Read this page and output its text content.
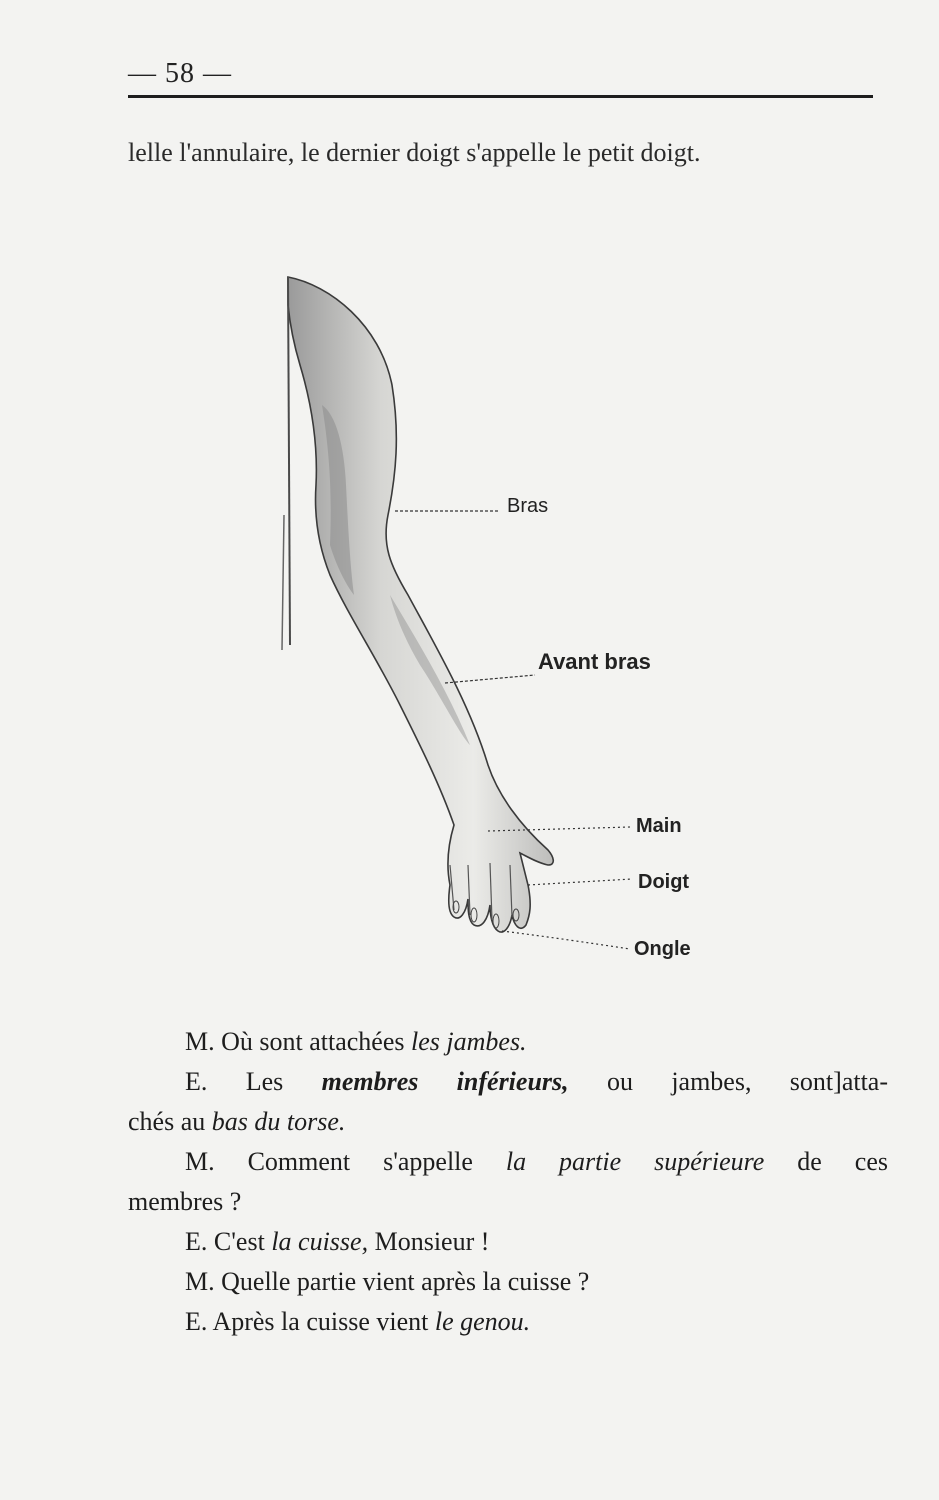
— 58 —
lelle l'annulaire, le dernier doigt s'appelle le petit doigt.
Bras
Avant bras
Main
Doigt
Ongle
M. Où sont attachées les jambes.
E. Les membres inférieurs, ou jambes, sont]atta-
chés au bas du torse.
M. Comment s'appelle la partie supérieure de ces
membres ?
E. C'est la cuisse, Monsieur !
M. Quelle partie vient après la cuisse ?
E. Après la cuisse vient le genou.
